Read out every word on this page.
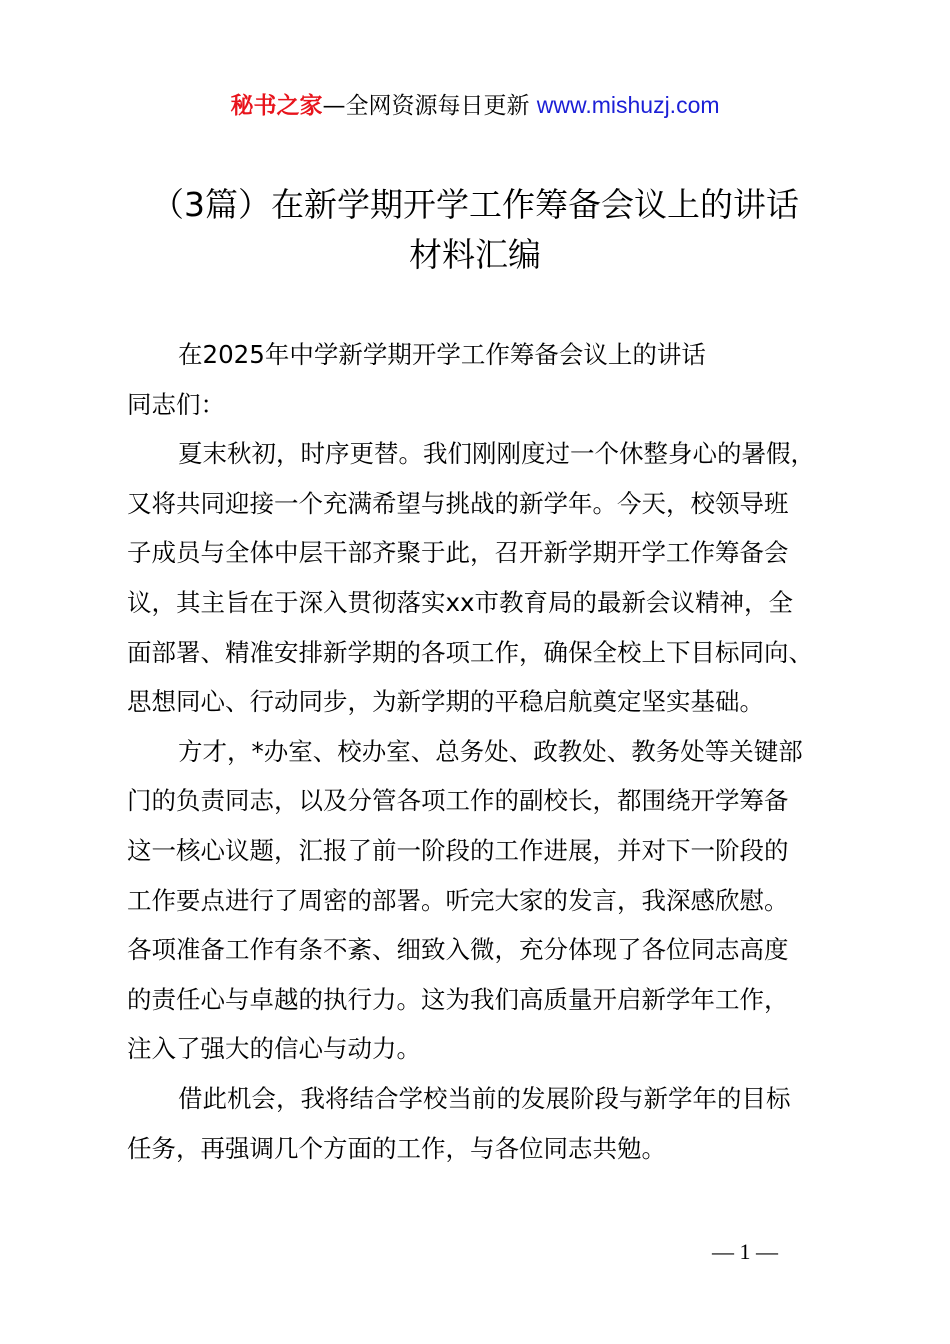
秘书之家—全网资源每日更新 www.mishuzj.com
（3篇）在新学期开学工作筹备会议上的讲话
材料汇编
在2025年中学新学期开学工作筹备会议上的讲话
同志们：
夏末秋初，时序更替。我们刚刚度过一个休整身心的暑假，
又将共同迎接一个充满希望与挑战的新学年。今天，校领导班
子成员与全体中层干部齐聚于此，召开新学期开学工作筹备会
议，其主旨在于深入贯彻落实xx市教育局的最新会议精神，全
面部署、精准安排新学期的各项工作，确保全校上下目标同向、
思想同心、行动同步，为新学期的平稳启航奠定坚实基础。
方才，*办室、校办室、总务处、政教处、教务处等关键部
门的负责同志，以及分管各项工作的副校长，都围绕开学筹备
这一核心议题，汇报了前一阶段的工作进展，并对下一阶段的
工作要点进行了周密的部署。听完大家的发言，我深感欣慰。
各项准备工作有条不紊、细致入微，充分体现了各位同志高度
的责任心与卓越的执行力。这为我们高质量开启新学年工作，
注入了强大的信心与动力。
借此机会，我将结合学校当前的发展阶段与新学年的目标
任务，再强调几个方面的工作，与各位同志共勉。
— 1 —
